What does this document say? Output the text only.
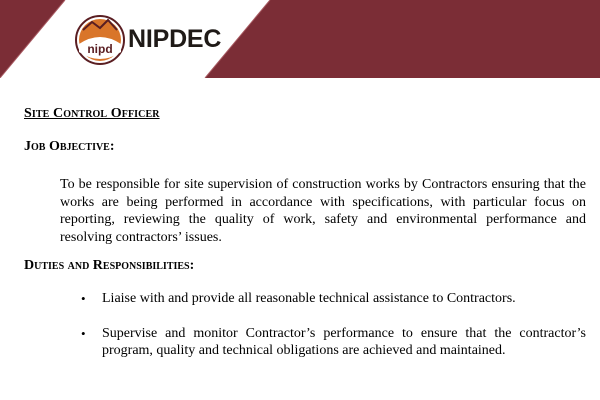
nipd NIPDEC
Site Control Officer
Job Objective:

To be responsible for site supervision of construction works by Contractors ensuring that the works are being performed in accordance with specifications, with particular focus on reporting, reviewing the quality of work, safety and environmental performance and resolving contractors’ issues.

Duties and Responsibilities:
• Liaise with and provide all reasonable technical assistance to Contractors.
• Supervise and monitor Contractor’s performance to ensure that the contractor’s program, quality and technical obligations are achieved and maintained.
